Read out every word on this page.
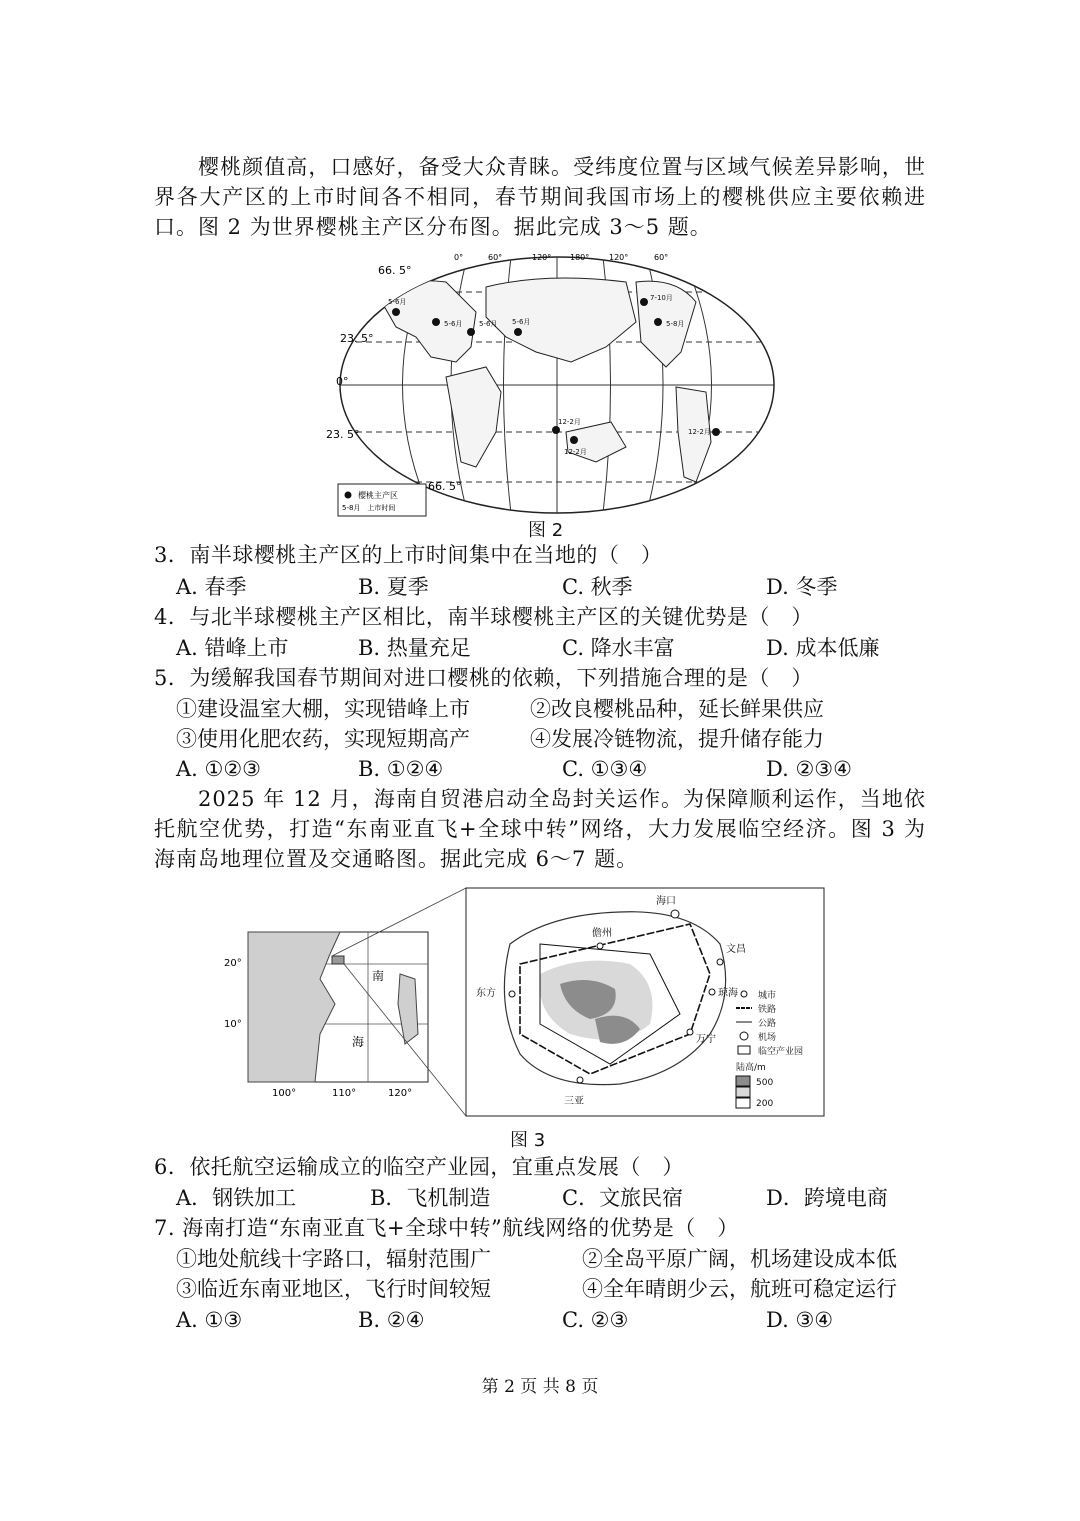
樱桃颜值高，口感好，备受大众青睐。受纬度位置与区域气候差异影响，世界各大产区的上市时间各不相同，春节期间我国市场上的樱桃供应主要依赖进口。图 2 为世界樱桃主产区分布图。据此完成 3～5 题。
66. 5°
23. 5°
0°
23. 5°
66. 5°
0°	60°	120° 180° 120°	60°
5-6月
5-6月 5-6月 5-6月	5-8月
7-10月
12-2月
12-2月
12-2月
樱桃主产区
5-8月　上市时间
图 2
3．南半球樱桃主产区的上市时间集中在当地的（　）
A. 春季	B. 夏季	C. 秋季	D. 冬季
4．与北半球樱桃主产区相比，南半球樱桃主产区的关键优势是（　）
A. 错峰上市	B. 热量充足	C. 降水丰富	D. 成本低廉
5．为缓解我国春节期间对进口樱桃的依赖，下列措施合理的是（　）
①建设温室大棚，实现错峰上市	②改良樱桃品种，延长鲜果供应
③使用化肥农药，实现短期高产	④发展冷链物流，提升储存能力
A. ①②③	B. ①②④	C. ①③④	D. ②③④
2025 年 12 月，海南自贸港启动全岛封关运作。为保障顺利运作，当地依托航空优势，打造“东南亚直飞+全球中转”网络，大力发展临空经济。图 3 为海南岛地理位置及交通略图。据此完成 6～7 题。
南
海
20°
10°
100°	110°	120°
海口
儋州
文昌
琼海
东方
万宁
三亚
城市
铁路
公路
机场
临空产业园
陆高/m
500
200
图 3
6．依托航空运输成立的临空产业园，宜重点发展（　）
A．钢铁加工	B．飞机制造	C．文旅民宿	D．跨境电商
7. 海南打造“东南亚直飞+全球中转”航线网络的优势是（　）
①地处航线十字路口，辐射范围广	②全岛平原广阔，机场建设成本低
③临近东南亚地区，飞行时间较短	④全年晴朗少云，航班可稳定运行
A. ①③	B. ②④	C. ②③	D. ③④
第 2 页 共 8 页
